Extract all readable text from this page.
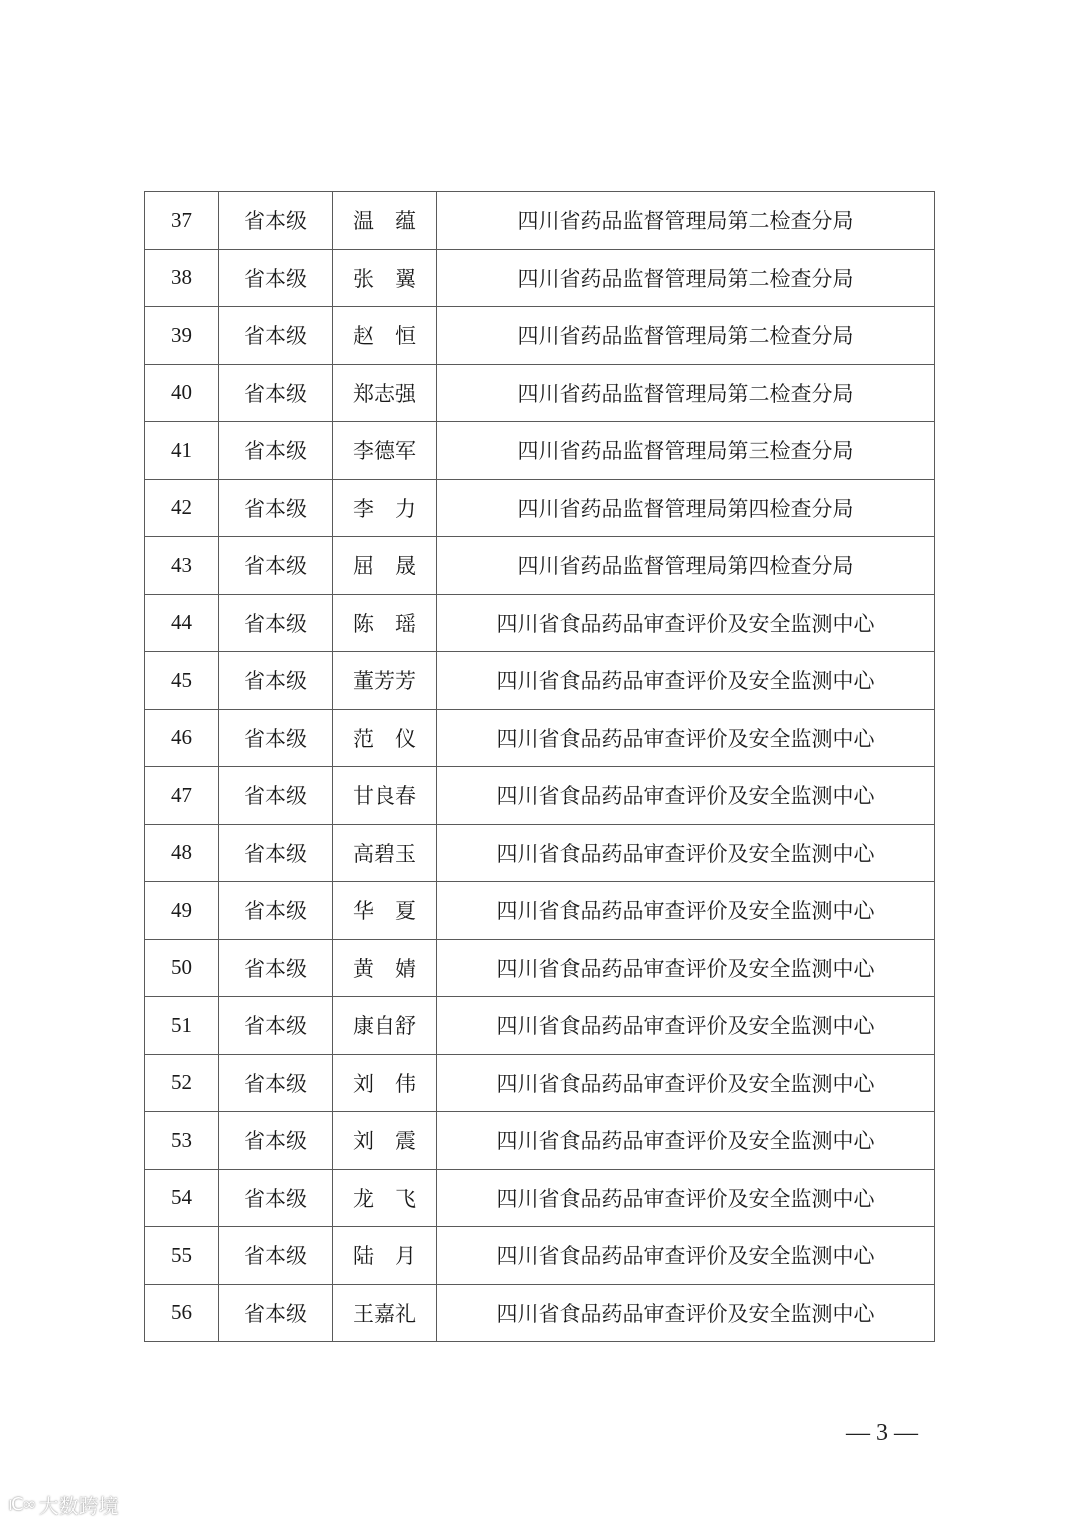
37	省本级	温　蕴	四川省药品监督管理局第二检查分局
38	省本级	张　翼	四川省药品监督管理局第二检查分局
39	省本级	赵　恒	四川省药品监督管理局第二检查分局
40	省本级	郑志强	四川省药品监督管理局第二检查分局
41	省本级	李德军	四川省药品监督管理局第三检查分局
42	省本级	李　力	四川省药品监督管理局第四检查分局
43	省本级	屈　晟	四川省药品监督管理局第四检查分局
44	省本级	陈　瑶	四川省食品药品审查评价及安全监测中心
45	省本级	董芳芳	四川省食品药品审查评价及安全监测中心
46	省本级	范　仪	四川省食品药品审查评价及安全监测中心
47	省本级	甘良春	四川省食品药品审查评价及安全监测中心
48	省本级	高碧玉	四川省食品药品审查评价及安全监测中心
49	省本级	华　夏	四川省食品药品审查评价及安全监测中心
50	省本级	黄　婧	四川省食品药品审查评价及安全监测中心
51	省本级	康自舒	四川省食品药品审查评价及安全监测中心
52	省本级	刘　伟	四川省食品药品审查评价及安全监测中心
53	省本级	刘　震	四川省食品药品审查评价及安全监测中心
54	省本级	龙　飞	四川省食品药品审查评价及安全监测中心
55	省本级	陆　月	四川省食品药品审查评价及安全监测中心
56	省本级	王嘉礼	四川省食品药品审查评价及安全监测中心
— 3 —
ıC∞ 大数跨境
